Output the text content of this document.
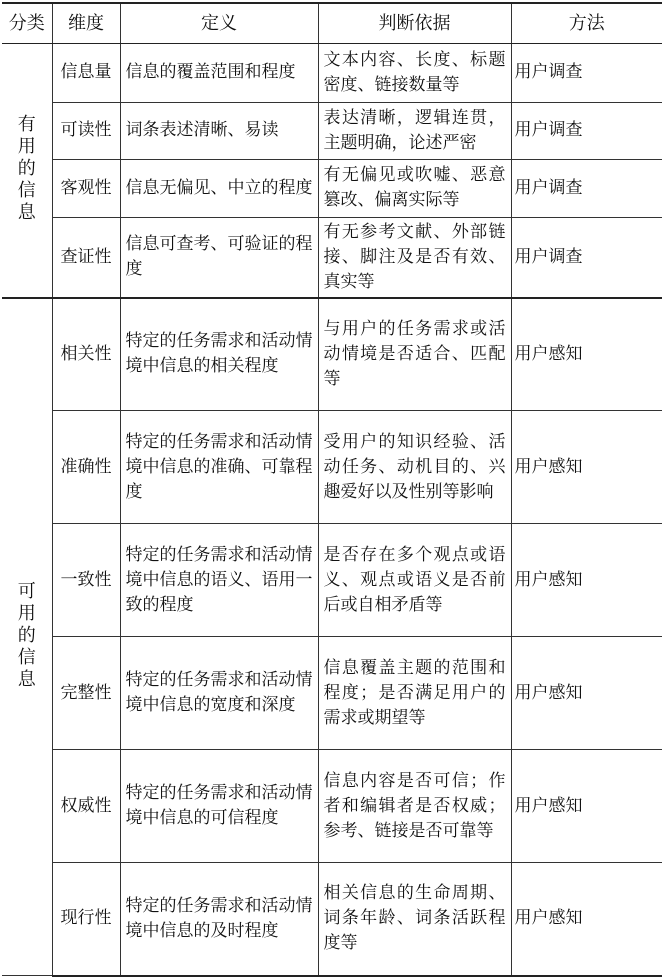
分类	维度	定义	判断依据	方法
有用的信息	信息量	信息的覆盖范围和程度	文本内容、长度、标题密度、链接数量等	用户调查
	可读性	词条表述清晰、易读	表达清晰，逻辑连贯，主题明确，论述严密	用户调查
	客观性	信息无偏见、中立的程度	有无偏见或吹嘘、恶意篡改、偏离实际等	用户调查
	查证性	信息可查考、可验证的程度	有无参考文献、外部链接、脚注及是否有效、真实等	用户调查
可用的信息	相关性	特定的任务需求和活动情境中信息的相关程度	与用户的任务需求或活动情境是否适合、匹配等	用户感知
	准确性	特定的任务需求和活动情境中信息的准确、可靠程度	受用户的知识经验、活动任务、动机目的、兴趣爱好以及性别等影响	用户感知
	一致性	特定的任务需求和活动情境中信息的语义、语用一致的程度	是否存在多个观点或语义、观点或语义是否前后或自相矛盾等	用户感知
	完整性	特定的任务需求和活动情境中信息的宽度和深度	信息覆盖主题的范围和程度；是否满足用户的需求或期望等	用户感知
	权威性	特定的任务需求和活动情境中信息的可信程度	信息内容是否可信；作者和编辑者是否权威；参考、链接是否可靠等	用户感知
	现行性	特定的任务需求和活动情境中信息的及时程度	相关信息的生命周期、词条年龄、词条活跃程度等	用户感知
